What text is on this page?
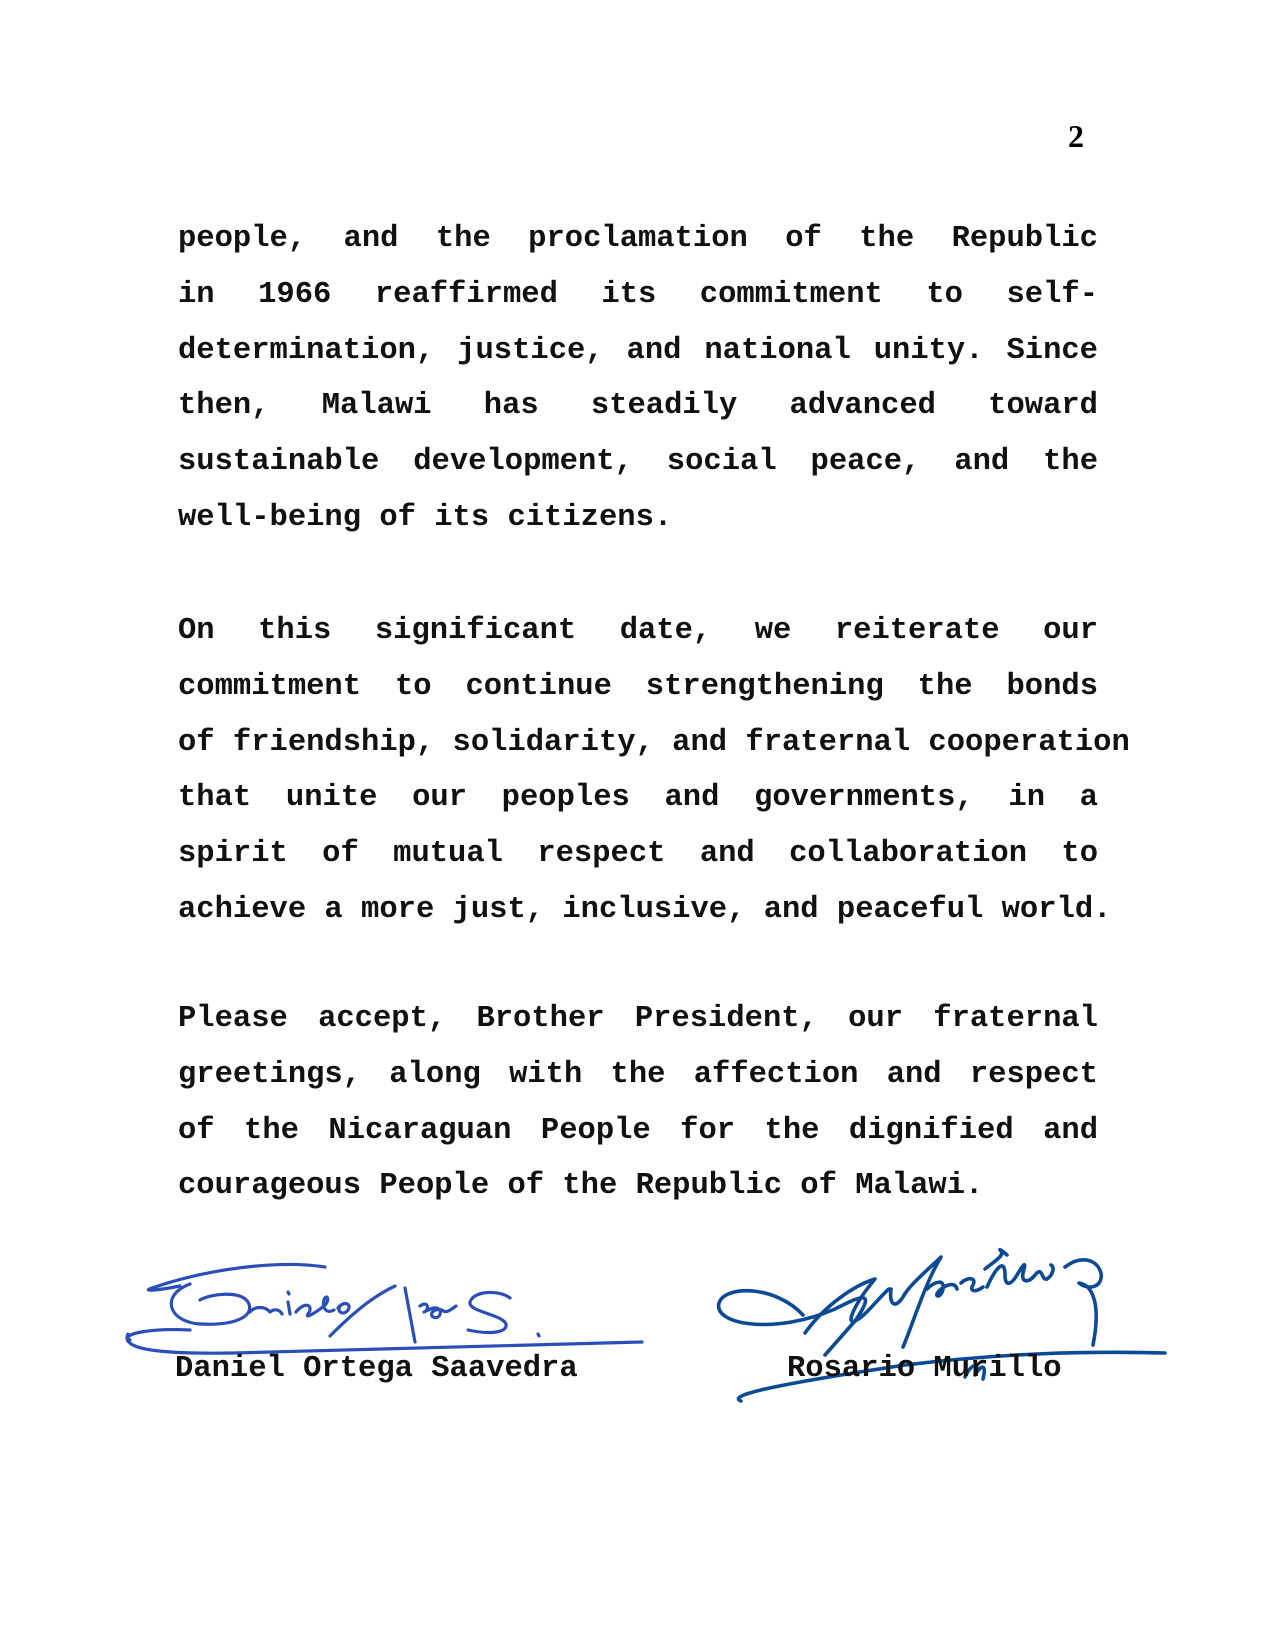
2
people, and the proclamation of the Republic
in 1966 reaffirmed its commitment to self-
determination, justice, and national unity. Since
then, Malawi has steadily advanced toward
sustainable development, social peace, and the
well-being of its citizens.
On this significant date, we reiterate our
commitment to continue strengthening the bonds
of friendship, solidarity, and fraternal cooperation
that unite our peoples and governments, in a
spirit of mutual respect and collaboration to
achieve a more just, inclusive, and peaceful world.
Please accept, Brother President, our fraternal
greetings, along with the affection and respect
of the Nicaraguan People for the dignified and
courageous People of the Republic of Malawi.
Daniel Ortega Saavedra	Rosario Murillo
